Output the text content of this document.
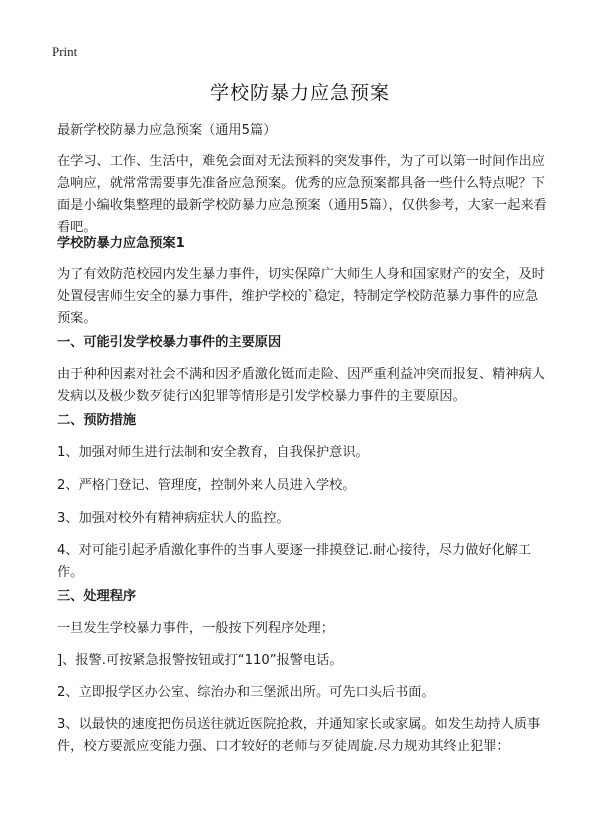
Print
学校防暴力应急预案
最新学校防暴力应急预案（通用5篇）
在学习、工作、生活中，难免会面对无法预料的突发事件，为了可以第一时间作出应急响应，就常常需要事先准备应急预案。优秀的应急预案都具备一些什么特点呢？下面是小编收集整理的最新学校防暴力应急预案（通用5篇），仅供参考，大家一起来看看吧。
学校防暴力应急预案1
为了有效防范校园内发生暴力事件，切实保障广大师生人身和国家财产的安全，及时处置侵害师生安全的暴力事件，维护学校的`稳定，特制定学校防范暴力事件的应急预案。
一、可能引发学校暴力事件的主要原因
由于种种因素对社会不满和因矛盾激化铤而走险、因严重利益冲突而报复、精神病人发病以及极少数歹徒行凶犯罪等情形是引发学校暴力事件的主要原因。
二、预防措施
1、加强对师生进行法制和安全教育，自我保护意识。
2、严格门登记、管理度，控制外来人员进入学校。
3、加强对校外有精神病症状人的监控。
4、对可能引起矛盾激化事件的当事人要逐一排摸登记.耐心接待，尽力做好化解工作。
三、处理程序
一旦发生学校暴力事件，一般按下列程序处理；
]、报警.可按紧急报警按钮或打“110”报警电话。
2、立即报学区办公室、综治办和三堡派出所。可先口头后书面。
3、以最快的速度把伤员送往就近医院抢救，并通知家长或家属。如发生劫持人质事件，校方要派应变能力强、口才较好的老师与歹徒周旋.尽力规劝其终止犯罪：
